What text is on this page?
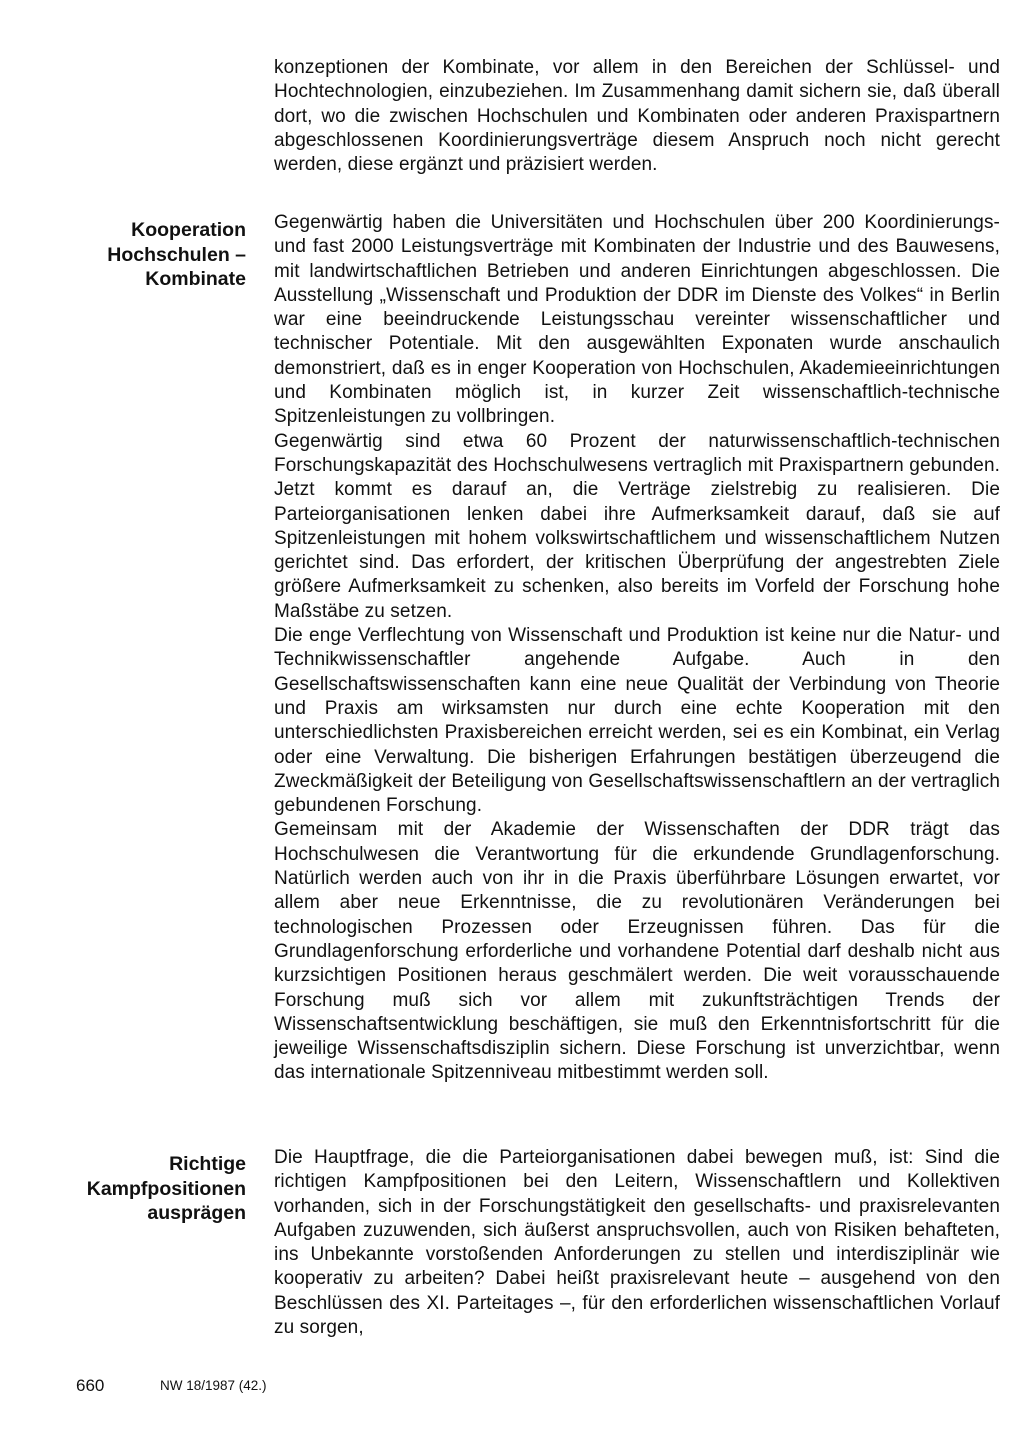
konzeptionen der Kombinate, vor allem in den Bereichen der Schlüssel- und Hochtechnologien, einzubeziehen. Im Zusammenhang damit sichern sie, daß überall dort, wo die zwischen Hochschulen und Kombinaten oder anderen Praxispartnern abgeschlossenen Koordinierungsverträge diesem Anspruch noch nicht gerecht werden, diese ergänzt und präzisiert werden.

Kooperation
Hochschulen –
Kombinate

Gegenwärtig haben die Universitäten und Hochschulen über 200 Koordinierungs- und fast 2000 Leistungsverträge mit Kombinaten der Industrie und des Bauwesens, mit landwirtschaftlichen Betrieben und anderen Einrichtungen abgeschlossen. Die Ausstellung „Wissenschaft und Produktion der DDR im Dienste des Volkes“ in Berlin war eine beeindruckende Leistungsschau vereinter wissenschaftlicher und technischer Potentiale. Mit den ausgewählten Exponaten wurde anschaulich demonstriert, daß es in enger Kooperation von Hochschulen, Akademieeinrichtungen und Kombinaten möglich ist, in kurzer Zeit wissenschaftlich-technische Spitzenleistungen zu vollbringen.

Gegenwärtig sind etwa 60 Prozent der naturwissenschaftlich-technischen Forschungskapazität des Hochschulwesens vertraglich mit Praxispartnern gebunden. Jetzt kommt es darauf an, die Verträge zielstrebig zu realisieren. Die Parteiorganisationen lenken dabei ihre Aufmerksamkeit darauf, daß sie auf Spitzenleistungen mit hohem volkswirtschaftlichem und wissenschaftlichem Nutzen gerichtet sind. Das erfordert, der kritischen Überprüfung der angestrebten Ziele größere Aufmerksamkeit zu schenken, also bereits im Vorfeld der Forschung hohe Maßstäbe zu setzen.

Die enge Verflechtung von Wissenschaft und Produktion ist keine nur die Natur- und Technikwissenschaftler angehende Aufgabe. Auch in den Gesellschaftswissenschaften kann eine neue Qualität der Verbindung von Theorie und Praxis am wirksamsten nur durch eine echte Kooperation mit den unterschiedlichsten Praxisbereichen erreicht werden, sei es ein Kombinat, ein Verlag oder eine Verwaltung. Die bisherigen Erfahrungen bestätigen überzeugend die Zweckmäßigkeit der Beteiligung von Gesellschaftswissenschaftlern an der vertraglich gebundenen Forschung.

Gemeinsam mit der Akademie der Wissenschaften der DDR trägt das Hochschulwesen die Verantwortung für die erkundende Grundlagenforschung. Natürlich werden auch von ihr in die Praxis überführbare Lösungen erwartet, vor allem aber neue Erkenntnisse, die zu revolutionären Veränderungen bei technologischen Prozessen oder Erzeugnissen führen. Das für die Grundlagenforschung erforderliche und vorhandene Potential darf deshalb nicht aus kurzsichtigen Positionen heraus geschmälert werden. Die weit vorausschauende Forschung muß sich vor allem mit zukunftsträchtigen Trends der Wissenschaftsentwicklung beschäftigen, sie muß den Erkenntnisfortschritt für die jeweilige Wissenschaftsdisziplin sichern. Diese Forschung ist unverzichtbar, wenn das internationale Spitzenniveau mitbestimmt werden soll.

Richtige
Kampfpositionen
ausprägen

Die Hauptfrage, die die Parteiorganisationen dabei bewegen muß, ist: Sind die richtigen Kampfpositionen bei den Leitern, Wissenschaftlern und Kollektiven vorhanden, sich in der Forschungstätigkeit den gesellschafts- und praxisrelevanten Aufgaben zuzuwenden, sich äußerst anspruchsvollen, auch von Risiken behafteten, ins Unbekannte vorstoßenden Anforderungen zu stellen und interdisziplinär wie kooperativ zu arbeiten? Dabei heißt praxisrelevant heute – ausgehend von den Beschlüssen des XI. Parteitages –, für den erforderlichen wissenschaftlichen Vorlauf zu sorgen,

660	NW 18/1987 (42.)
